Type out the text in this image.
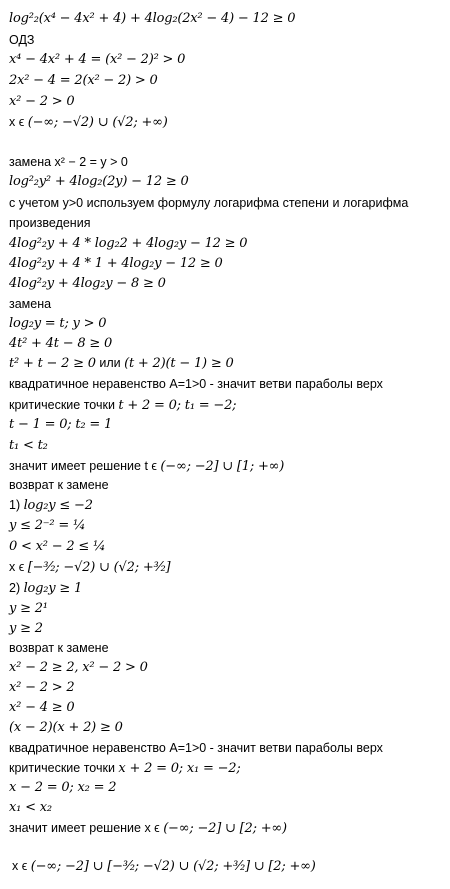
log²₂(x⁴ − 4x² + 4) + 4log₂(2x² − 4) − 12 ≥ 0
ОДЗ
x⁴ − 4x² + 4 = (x² − 2)² > 0
2x² − 4 = 2(x² − 2) > 0
x² − 2 > 0
x ϵ (−∞; −√2) ∪ (√2; +∞)
замена x² − 2 = y > 0
log²₂y² + 4log₂(2y) − 12 ≥ 0
с учетом y>0 используем формулу логарифма степени и логарифма
произведения
4log²₂y + 4 * log₂2 + 4log₂y − 12 ≥ 0
4log²₂y + 4 * 1 + 4log₂y − 12 ≥ 0
4log²₂y + 4log₂y − 8 ≥ 0
замена
log₂y = t; y > 0
4t² + 4t − 8 ≥ 0
t² + t − 2 ≥ 0 или (t + 2)(t − 1) ≥ 0
квадратичное неравенство A=1>0 - значит ветви параболы верх
критические точки t + 2 = 0; t₁ = −2;
t − 1 = 0; t₂ = 1
t₁ < t₂
значит имеет решение t ϵ (−∞; −2] ∪ [1; +∞)
возврат к замене
1) log₂y ≤ −2
y ≤ 2⁻² = ¼
0 < x² − 2 ≤ ¼
x ϵ [−³⁄₂; −√2) ∪ (√2; +³⁄₂]
2) log₂y ≥ 1
y ≥ 2¹
y ≥ 2
возврат к замене
x² − 2 ≥ 2, x² − 2 > 0
x² − 2 > 2
x² − 4 ≥ 0
(x − 2)(x + 2) ≥ 0
квадратичное неравенство A=1>0 - значит ветви параболы верх
критические точки x + 2 = 0; x₁ = −2;
x − 2 = 0; x₂ = 2
x₁ < x₂
значит имеет решение x ϵ (−∞; −2] ∪ [2; +∞)
x ϵ (−∞; −2] ∪ [−³⁄₂; −√2) ∪ (√2; +³⁄₂] ∪ [2; +∞)
